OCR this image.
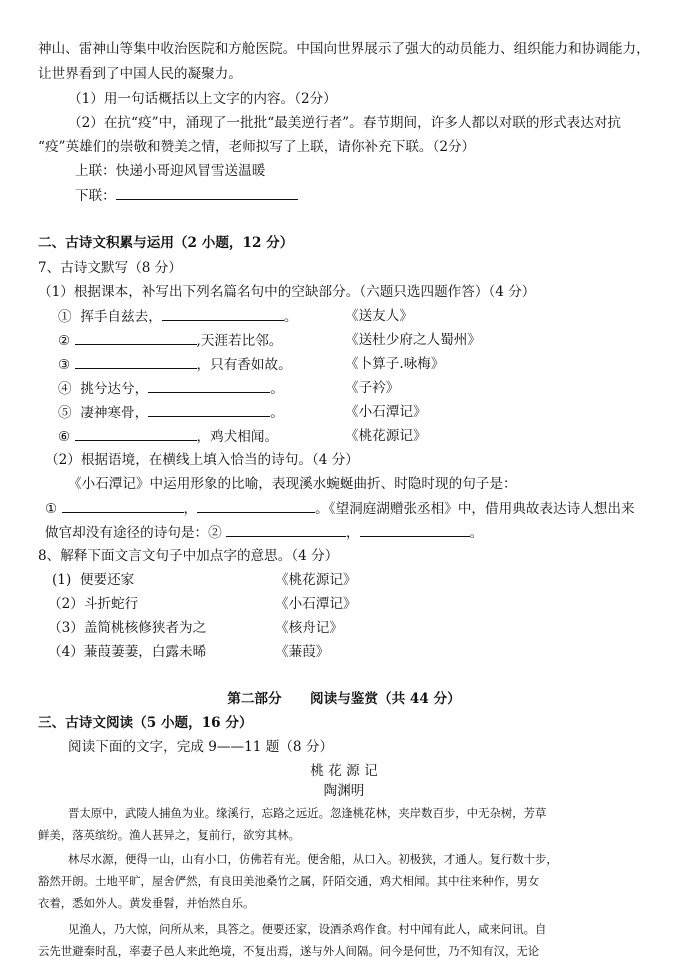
神山、雷神山等集中收治医院和方舱医院。中国向世界展示了强大的动员能力、组织能力和协调能力，
让世界看到了中国人民的凝聚力。
（1）用一句话概括以上文字的内容。（2分）
（2）在抗“疫”中，涌现了一批批“最美逆行者”。春节期间，许多人都以对联的形式表达对抗
“疫”英雄们的崇敬和赞美之情，老师拟写了上联，请你补充下联。（2分）
上联：快递小哥迎风冒雪送温暖
下联：
二、古诗文积累与运用（2 小题，12 分）
7、古诗文默写（8 分）
（1）根据课本，补写出下列名篇名句中的空缺部分。（六题只选四题作答）（4 分）
①  挥手自兹去，	。	《送友人》
②	,天涯若比邻。	《送杜少府之人蜀州》
③	，只有香如故。	《卜算子.咏梅》
④  挑兮达兮，	。	《子衿》
⑤  凄神寒骨，	。	《小石潭记》
⑥	，鸡犬相闻。	《桃花源记》
（2）根据语境，在横线上填入恰当的诗句。（4 分）
《小石潭记》中运用形象的比喻，表现溪水蜿蜒曲折、时隐时现的句子是：
①	，	。《望洞庭湖赠张丞相》中，借用典故表达诗人想出来
做官却没有途径的诗句是：②	，	。
8、解释下面文言文句子中加点字的意思。（4 分）
(1)  便要还家	《桃花源记》
（2）斗折蛇行	《小石潭记》
（3）盖简桃核修狭者为之	《核舟记》
（4）蒹葭萋萋，白露未晞	《蒹葭》
第二部分      阅读与鉴赏（共 44 分）
三、古诗文阅读（5 小题，16 分）
阅读下面的文字，完成 9——11 题（8 分）
桃 花 源 记
陶渊明
晋太原中，武陵人捕鱼为业。缘溪行，忘路之远近。忽逢桃花林，夹岸数百步，中无杂树，芳草
鲜美，落英缤纷。渔人甚异之，复前行，欲穷其林。
林尽水源，便得一山，山有小口，仿佛若有光。便舍船，从口入。初极狭，才通人。复行数十步，
豁然开朗。土地平旷，屋舍俨然，有良田美池桑竹之属，阡陌交通，鸡犬相闻。其中往来种作，男女
衣着，悉如外人。黄发垂髫，并怡然自乐。
见渔人，乃大惊，问所从来，具答之。便要还家，设酒杀鸡作食。村中闻有此人，咸来问讯。自
云先世避秦时乱，率妻子邑人来此绝境，不复出焉，遂与外人间隔。问今是何世，乃不知有汉，无论
